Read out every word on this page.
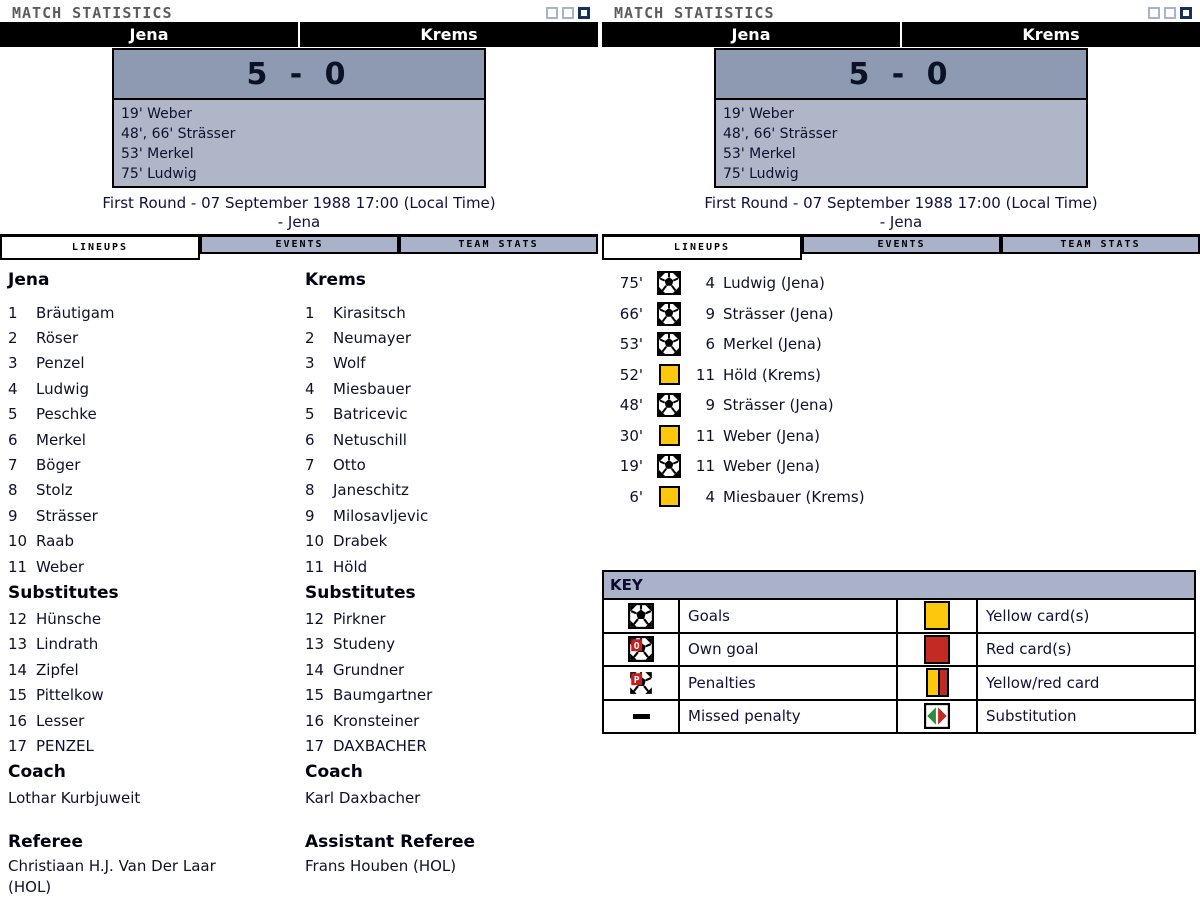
MATCH STATISTICS
Jena	Krems
5 - 0
19' Weber
48', 66' Strässer
53' Merkel
75' Ludwig
First Round - 07 September 1988 17:00 (Local Time)
- Jena
LINEUPS	EVENTS	TEAM STATS
Jena
1	Bräutigam
2	Röser
3	Penzel
4	Ludwig
5	Peschke
6	Merkel
7	Böger
8	Stolz
9	Strässer
10 Raab
11 Weber
Substitutes
12 Hünsche
13 Lindrath
14 Zipfel
15 Pittelkow
16 Lesser
17 PENZEL
Coach
Lothar Kurbjuweit
Referee
Christiaan H.J. Van Der Laar (HOL)
Krems
1	Kirasitsch
2	Neumayer
3	Wolf
4	Miesbauer
5	Batricevic
6	Netuschill
7	Otto
8	Janeschitz
9	Milosavljevic
10 Drabek
11 Höld
Substitutes
12 Pirkner
13 Studeny
14 Grundner
15 Baumgartner
16 Kronsteiner
17 DAXBACHER
Coach
Karl Daxbacher
Assistant Referee
Frans Houben (HOL)
MATCH STATISTICS
Jena	Krems
5 - 0
19' Weber
48', 66' Strässer
53' Merkel
75' Ludwig
First Round - 07 September 1988 17:00 (Local Time)
- Jena
LINEUPS	EVENTS	TEAM STATS
75'	4 Ludwig (Jena)
66'	9 Strässer (Jena)
53'	6 Merkel (Jena)
52'	11 Höld (Krems)
48'	9 Strässer (Jena)
30'	11 Weber (Jena)
19'	11 Weber (Jena)
6'	4 Miesbauer (Krems)
KEY
Goals	Yellow card(s)
O	Own goal	Red card(s)
P	Penalties	Yellow/red card
Missed penalty	Substitution
